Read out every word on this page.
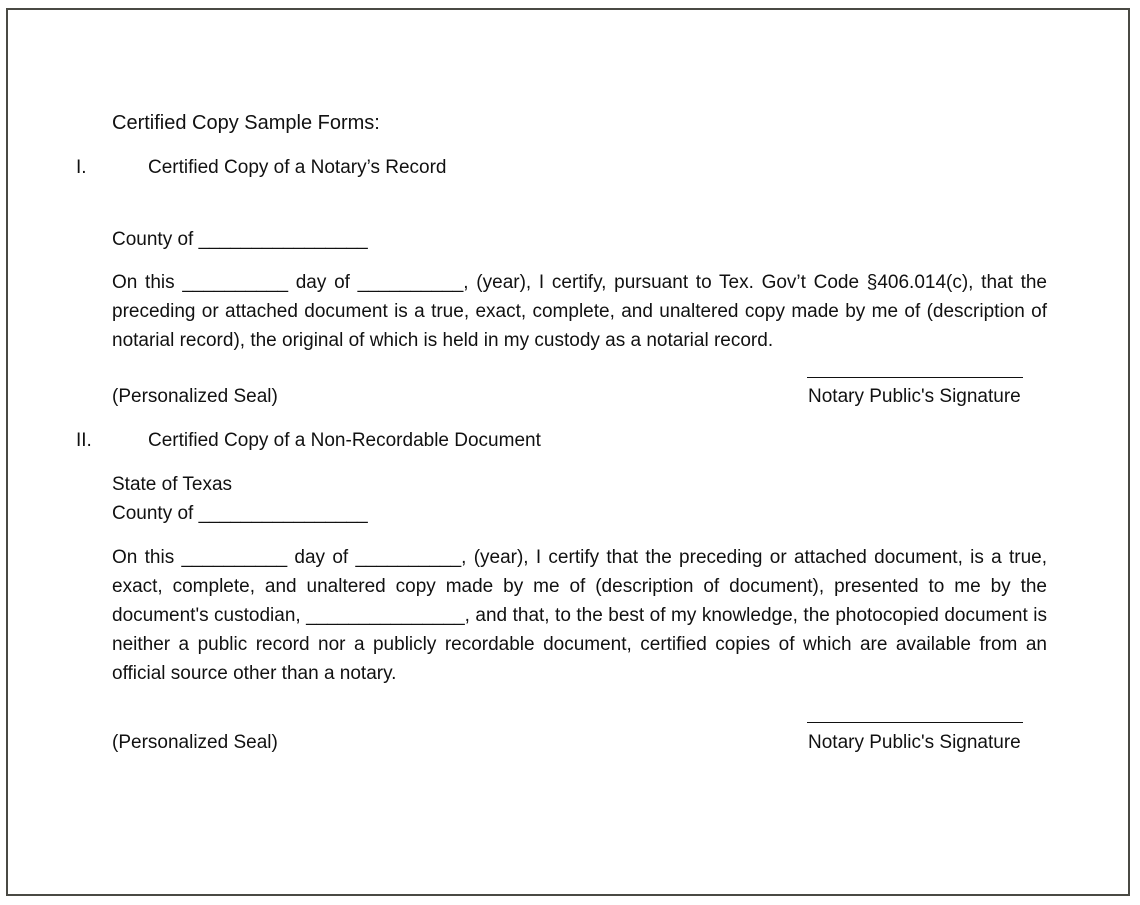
Certified Copy Sample Forms:
I.	Certified Copy of a Notary’s Record
County of ________________
On this __________ day of __________, (year), I certify, pursuant to Tex. Gov’t Code §406.014(c), that the preceding or attached document is a true, exact, complete, and unaltered copy made by me of (description of notarial record), the original of which is held in my custody as a notarial record.
(Personalized Seal)	Notary Public's Signature
II.	Certified Copy of a Non-Recordable Document
State of Texas
County of ________________
On this __________ day of __________, (year), I certify that the preceding or attached document, is a true, exact, complete, and unaltered copy made by me of (description of document), presented to me by the document's custodian, _______________, and that, to the best of my knowledge, the photocopied document is neither a public record nor a publicly recordable document, certified copies of which are available from an official source other than a notary.
(Personalized Seal)	Notary Public's Signature
